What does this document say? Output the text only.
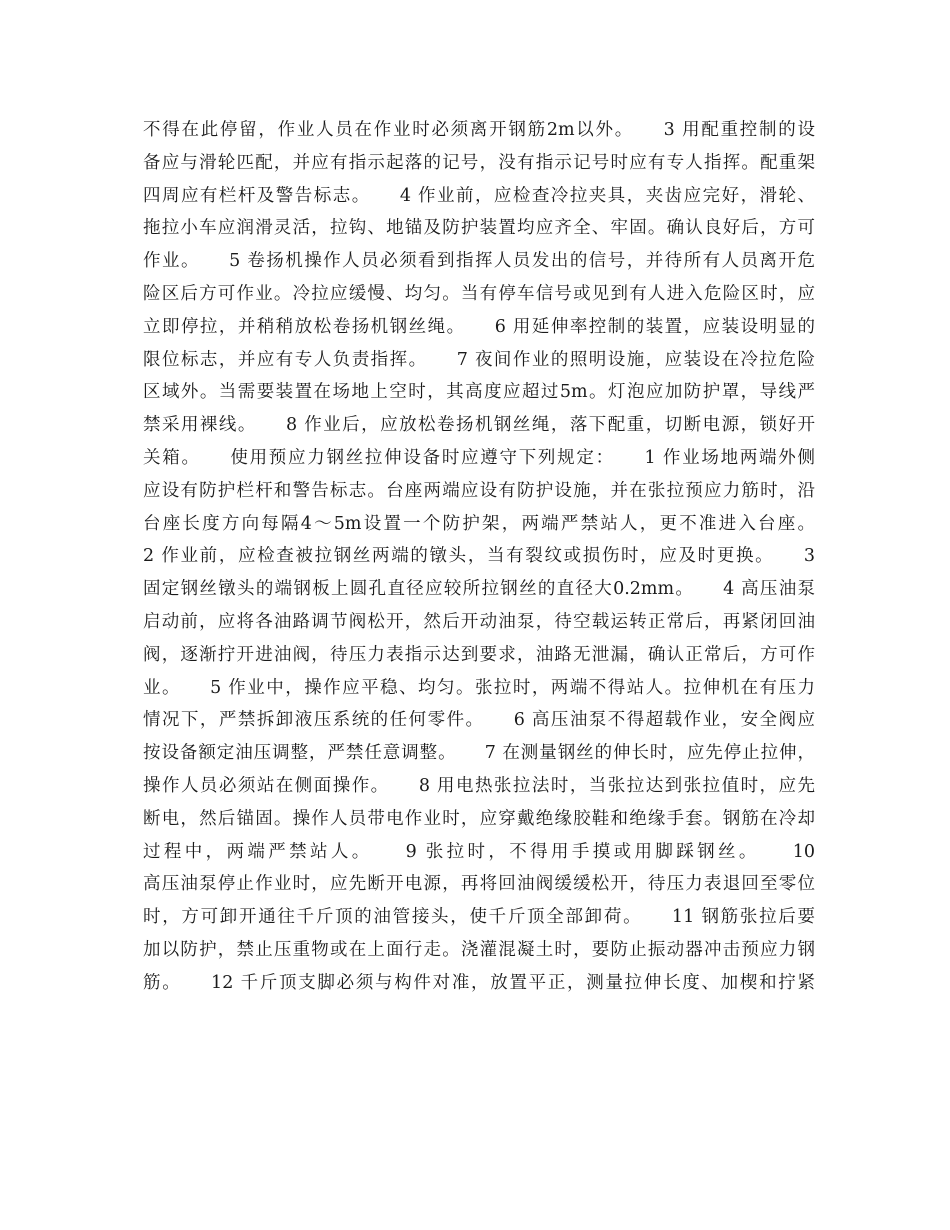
不得在此停留，作业人员在作业时必须离开钢筋2m以外。　　3 用配重控制的设
备应与滑轮匹配，并应有指示起落的记号，没有指示记号时应有专人指挥。配重架
四周应有栏杆及警告标志。　　4 作业前，应检查冷拉夹具，夹齿应完好，滑轮、
拖拉小车应润滑灵活，拉钩、地锚及防护装置均应齐全、牢固。确认良好后，方可
作业。　　5 卷扬机操作人员必须看到指挥人员发出的信号，并待所有人员离开危
险区后方可作业。冷拉应缓慢、均匀。当有停车信号或见到有人进入危险区时，应
立即停拉，并稍稍放松卷扬机钢丝绳。　　6 用延伸率控制的装置，应装设明显的
限位标志，并应有专人负责指挥。　　7 夜间作业的照明设施，应装设在冷拉危险
区域外。当需要装置在场地上空时，其高度应超过5m。灯泡应加防护罩，导线严
禁采用裸线。　　8 作业后，应放松卷扬机钢丝绳，落下配重，切断电源，锁好开
关箱。　　使用预应力钢丝拉伸设备时应遵守下列规定：　　1 作业场地两端外侧
应设有防护栏杆和警告标志。台座两端应设有防护设施，并在张拉预应力筋时，沿
台座长度方向每隔4～5m设置一个防护架，两端严禁站人，更不准进入台座。
2 作业前，应检查被拉钢丝两端的镦头，当有裂纹或损伤时，应及时更换。　　3
固定钢丝镦头的端钢板上圆孔直径应较所拉钢丝的直径大0.2mm。　　4 高压油泵
启动前，应将各油路调节阀松开，然后开动油泵，待空载运转正常后，再紧闭回油
阀，逐渐拧开进油阀，待压力表指示达到要求，油路无泄漏，确认正常后，方可作
业。　　5 作业中，操作应平稳、均匀。张拉时，两端不得站人。拉伸机在有压力
情况下，严禁拆卸液压系统的任何零件。　　6 高压油泵不得超载作业，安全阀应
按设备额定油压调整，严禁任意调整。　　7 在测量钢丝的伸长时，应先停止拉伸，
操作人员必须站在侧面操作。　　8 用电热张拉法时，当张拉达到张拉值时，应先
断电，然后锚固。操作人员带电作业时，应穿戴绝缘胶鞋和绝缘手套。钢筋在冷却
过程中，两端严禁站人。　　9 张拉时，不得用手摸或用脚踩钢丝。　　10
高压油泵停止作业时，应先断开电源，再将回油阀缓缓松开，待压力表退回至零位
时，方可卸开通往千斤顶的油管接头，使千斤顶全部卸荷。　　11 钢筋张拉后要
加以防护，禁止压重物或在上面行走。浇灌混凝土时，要防止振动器冲击预应力钢
筋。　　12 千斤顶支脚必须与构件对准，放置平正，测量拉伸长度、加楔和拧紧
